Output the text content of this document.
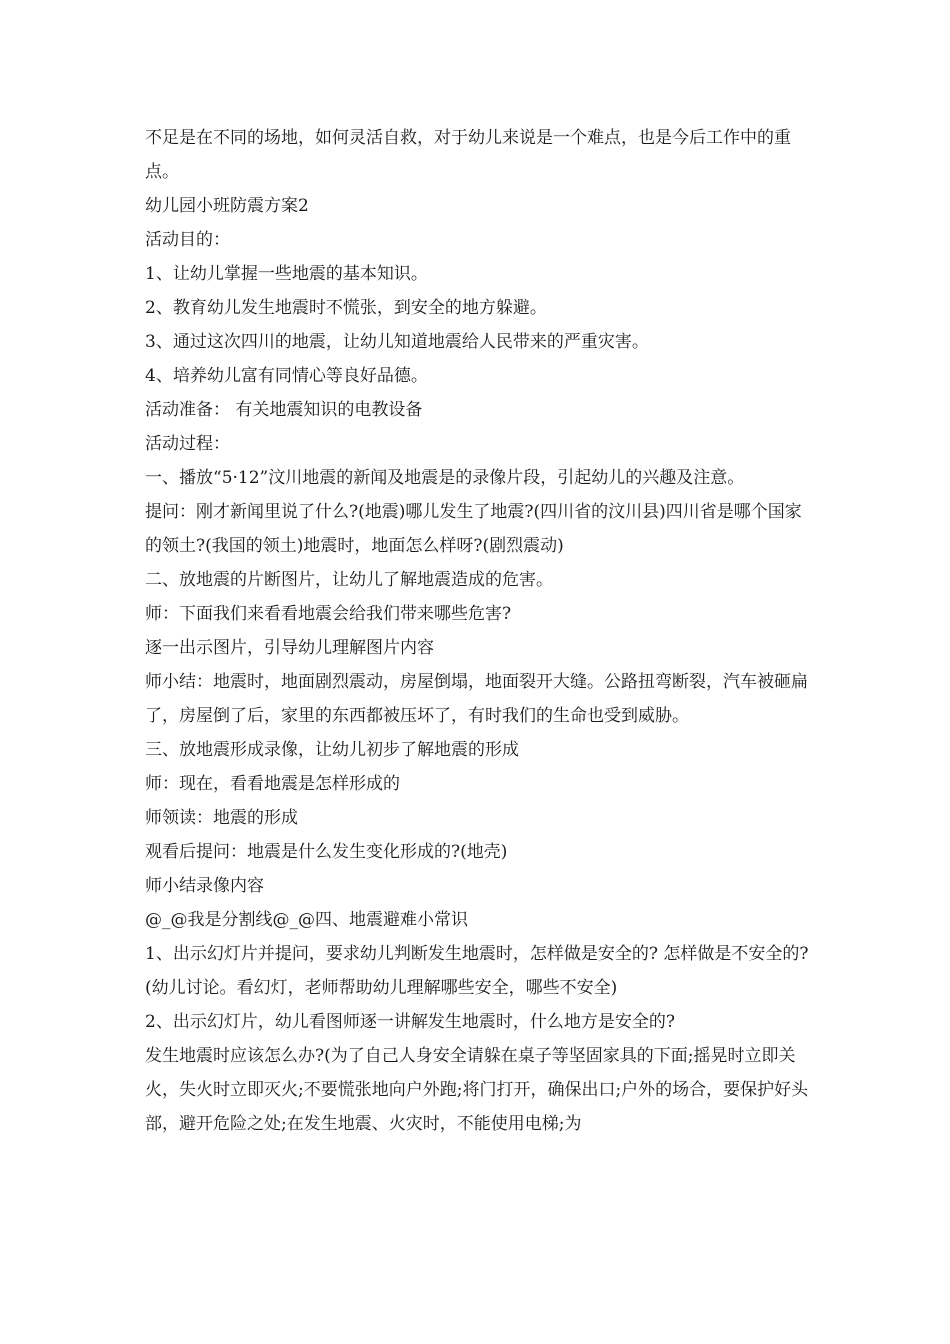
不足是在不同的场地，如何灵活自救，对于幼儿来说是一个难点，也是今后工作中的重点。

幼儿园小班防震方案2

活动目的：

1、让幼儿掌握一些地震的基本知识。

2、教育幼儿发生地震时不慌张，到安全的地方躲避。

3、通过这次四川的地震，让幼儿知道地震给人民带来的严重灾害。

4、培养幼儿富有同情心等良好品德。

活动准备： 有关地震知识的电教设备

活动过程：

一、播放“5·12”汶川地震的新闻及地震是的录像片段，引起幼儿的兴趣及注意。

提问：刚才新闻里说了什么?(地震)哪儿发生了地震?(四川省的汶川县)四川省是哪个国家的领土?(我国的领土)地震时，地面怎么样呀?(剧烈震动)

二、放地震的片断图片，让幼儿了解地震造成的危害。

师：下面我们来看看地震会给我们带来哪些危害?

逐一出示图片，引导幼儿理解图片内容

师小结：地震时，地面剧烈震动，房屋倒塌，地面裂开大缝。公路扭弯断裂，汽车被砸扁了，房屋倒了后，家里的东西都被压坏了，有时我们的生命也受到威胁。

三、放地震形成录像，让幼儿初步了解地震的形成

师：现在，看看地震是怎样形成的

师领读：地震的形成

观看后提问：地震是什么发生变化形成的?(地壳)

师小结录像内容

@_@我是分割线@_@四、地震避难小常识

1、出示幻灯片并提问，要求幼儿判断发生地震时，怎样做是安全的? 怎样做是不安全的? (幼儿讨论。看幻灯，老师帮助幼儿理解哪些安全，哪些不安全)

2、出示幻灯片，幼儿看图师逐一讲解发生地震时，什么地方是安全的?

发生地震时应该怎么办?(为了自己人身安全请躲在桌子等坚固家具的下面;摇晃时立即关火，失火时立即灭火;不要慌张地向户外跑;将门打开，确保出口;户外的场合，要保护好头部，避开危险之处;在发生地震、火灾时，不能使用电梯;为
